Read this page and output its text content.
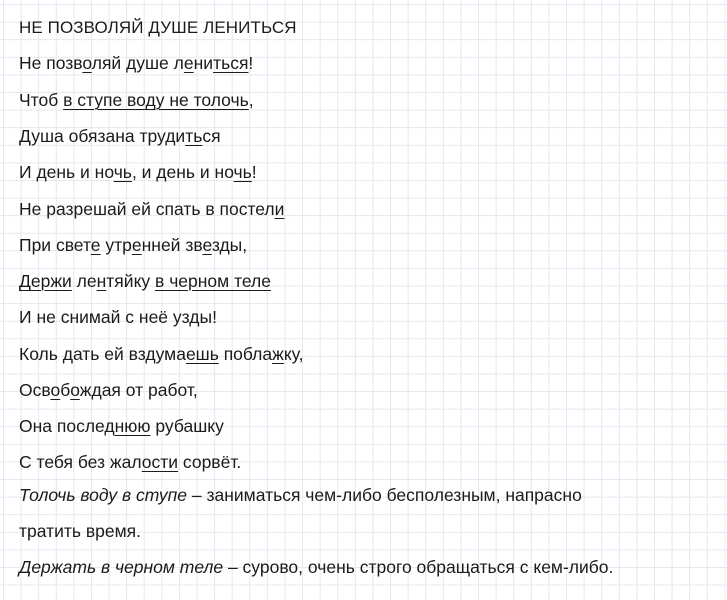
НЕ ПОЗВОЛЯЙ ДУШЕ ЛЕНИТЬСЯ
Не позволяй душе лениться!
Чтоб в ступе воду не толочь,
Душа обязана трудиться
И день и ночь, и день и ночь!
Не разрешай ей спать в постели
При свете утренней звезды,
Держи лентяйку в черном теле
И не снимай с неё узды!
Коль дать ей вздумаешь поблажку,
Освобождая от работ,
Она последнюю рубашку
С тебя без жалости сорвёт.
Толочь воду в ступе – заниматься чем-либо бесполезным, напрасно
тратить время.
Держать в черном теле – сурово, очень строго обращаться с кем-либо.
